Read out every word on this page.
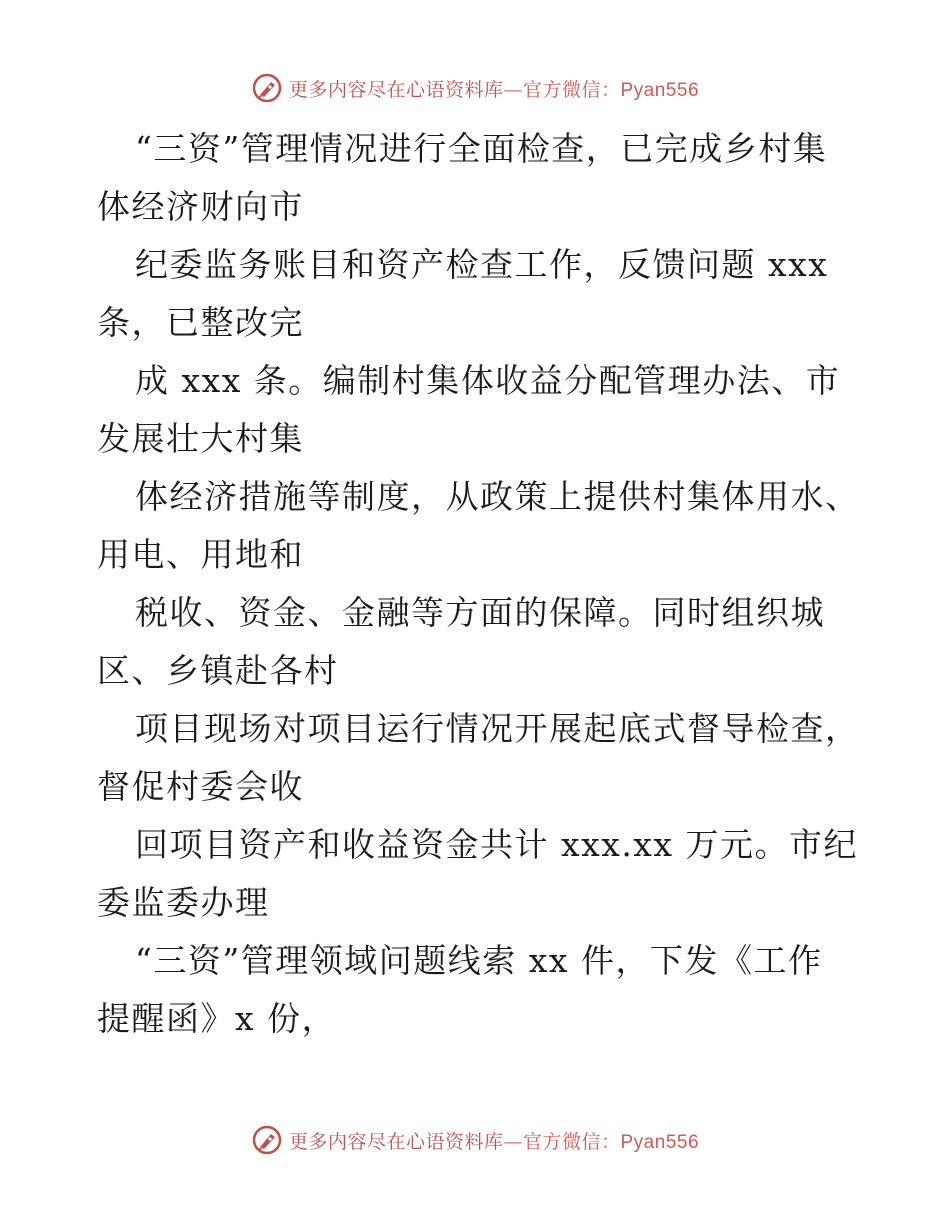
更多内容尽在心语资料库—官方微信：Pyan556

“三资”管理情况进行全面检查，已完成乡村集
体经济财向市

纪委监务账目和资产检查工作，反馈问题 xxx
条，已整改完

成 xxx 条。编制村集体收益分配管理办法、市
发展壮大村集

体经济措施等制度，从政策上提供村集体用水、
用电、用地和

税收、资金、金融等方面的保障。同时组织城
区、乡镇赴各村

项目现场对项目运行情况开展起底式督导检查，
督促村委会收

回项目资产和收益资金共计 xxx.xx 万元。市纪
委监委办理

“三资”管理领域问题线索 xx 件，下发《工作
提醒函》x 份，

更多内容尽在心语资料库—官方微信：Pyan556
